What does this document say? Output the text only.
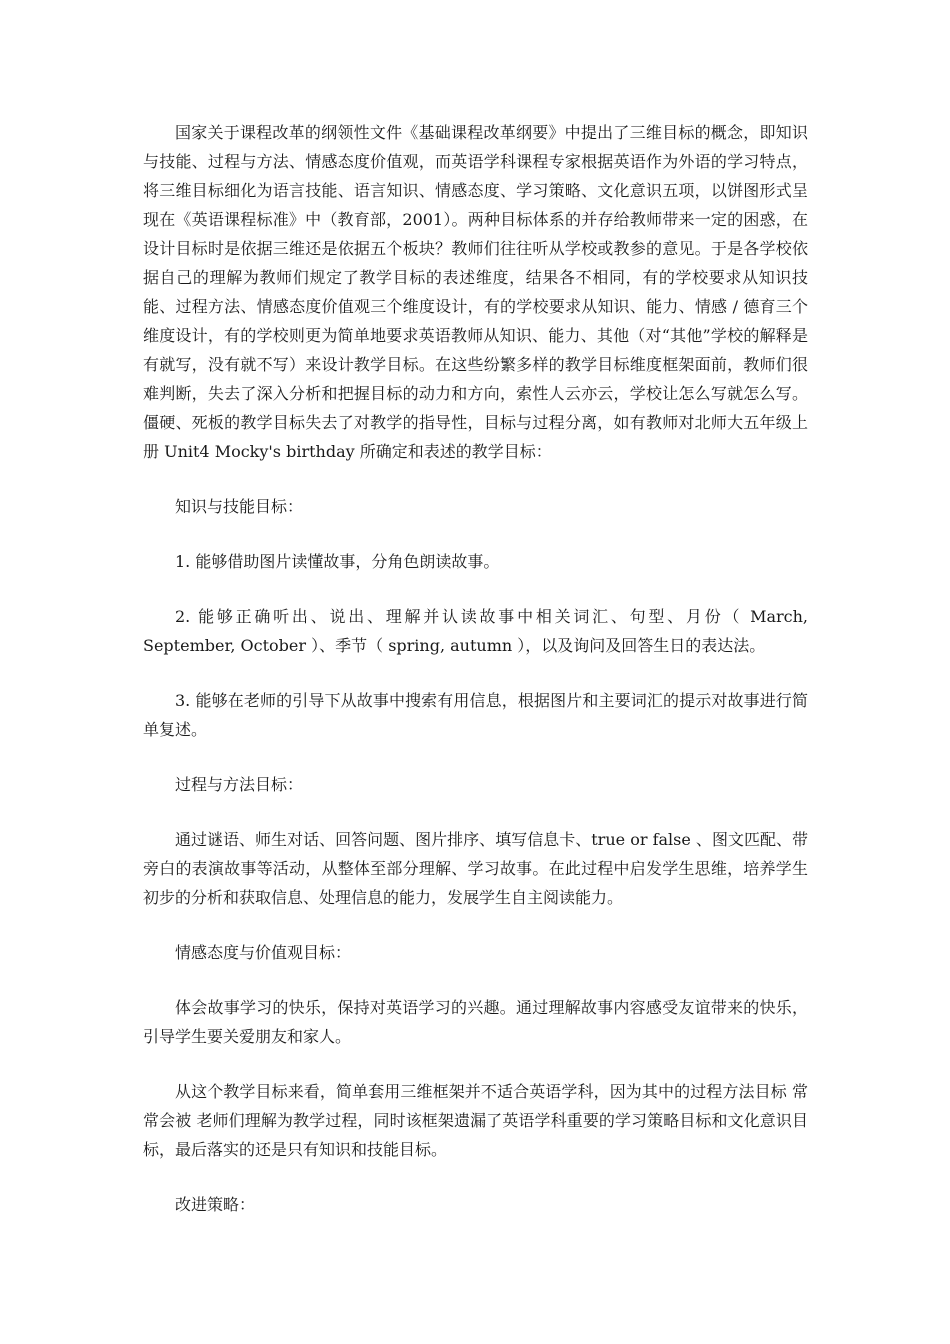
国家关于课程改革的纲领性文件《基础课程改革纲要》中提出了三维目标的概念，即知识与技能、过程与方法、情感态度价值观，而英语学科课程专家根据英语作为外语的学习特点，将三维目标细化为语言技能、语言知识、情感态度、学习策略、文化意识五项，以饼图形式呈现在《英语课程标准》中（教育部，2001）。两种目标体系的并存给教师带来一定的困惑，在设计目标时是依据三维还是依据五个板块？教师们往往听从学校或教参的意见。于是各学校依据自己的理解为教师们规定了教学目标的表述维度，结果各不相同，有的学校要求从知识技能、过程方法、情感态度价值观三个维度设计，有的学校要求从知识、能力、情感 / 德育三个维度设计，有的学校则更为简单地要求英语教师从知识、能力、其他（对“其他”学校的解释是有就写，没有就不写）来设计教学目标。在这些纷繁多样的教学目标维度框架面前，教师们很难判断，失去了深入分析和把握目标的动力和方向，索性人云亦云，学校让怎么写就怎么写。僵硬、死板的教学目标失去了对教学的指导性，目标与过程分离，如有教师对北师大五年级上册 Unit4 Mocky's birthday 所确定和表述的教学目标：

知识与技能目标：

1. 能够借助图片读懂故事，分角色朗读故事。

2. 能够正确听出、说出、理解并认读故事中相关词汇、句型、月份（ March, September, October ）、季节（ spring, autumn ），以及询问及回答生日的表达法。

3. 能够在老师的引导下从故事中搜索有用信息，根据图片和主要词汇的提示对故事进行简单复述。

过程与方法目标：

通过谜语、师生对话、回答问题、图片排序、填写信息卡、true or false 、图文匹配、带旁白的表演故事等活动，从整体至部分理解、学习故事。在此过程中启发学生思维，培养学生初步的分析和获取信息、处理信息的能力，发展学生自主阅读能力。

情感态度与价值观目标：

体会故事学习的快乐，保持对英语学习的兴趣。通过理解故事内容感受友谊带来的快乐，引导学生要关爱朋友和家人。

从这个教学目标来看，简单套用三维框架并不适合英语学科，因为其中的过程方法目标 常常会被 老师们理解为教学过程，同时该框架遗漏了英语学科重要的学习策略目标和文化意识目标，最后落实的还是只有知识和技能目标。

改进策略：
